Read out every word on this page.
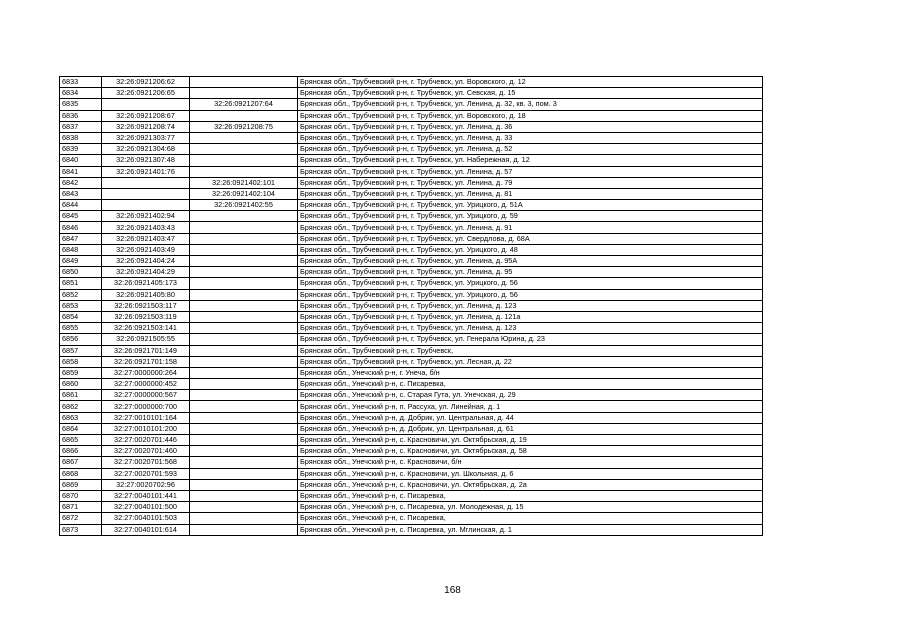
6833	32:26:0921206:62		Брянская обл., Трубчевский р-н, г. Трубчевск, ул. Воровского, д. 12
6834	32:26:0921206:65		Брянская обл., Трубчевский р-н, г. Трубчевск, ул. Севская, д. 15
6835		32:26:0921207:64	Брянская обл., Трубчевский р-н, г. Трубчевск, ул. Ленина, д. 32, кв. 3, пом. 3
6836	32:26:0921208:67		Брянская обл., Трубчевский р-н, г. Трубчевск, ул. Воровского, д. 18
6837	32:26:0921208:74	32:26:0921208:75	Брянская обл., Трубчевский р-н, г. Трубчевск, ул. Ленина, д. 36
6838	32:26:0921303:77		Брянская обл., Трубчевский р-н, г. Трубчевск, ул. Ленина, д. 33
6839	32:26:0921304:68		Брянская обл., Трубчевский р-н, г. Трубчевск, ул. Ленина, д. 52
6840	32:26:0921307:48		Брянская обл., Трубчевский р-н, г. Трубчевск, ул. Набережная, д. 12
6841	32:26:0921401:76		Брянская обл., Трубчевский р-н, г. Трубчевск, ул. Ленина, д. 57
6842		32:26:0921402:101	Брянская обл., Трубчевский р-н, г. Трубчевск, ул. Ленина, д. 79
6843		32:26:0921402:104	Брянская обл., Трубчевский р-н, г. Трубчевск, ул. Ленина, д. 81
6844		32:26:0921402:55	Брянская обл., Трубчевский р-н, г. Трубчевск, ул. Урицкого, д. 51А
6845	32:26:0921402:94		Брянская обл., Трубчевский р-н, г. Трубчевск, ул. Урицкого, д. 59
6846	32:26:0921403:43		Брянская обл., Трубчевский р-н, г. Трубчевск, ул. Ленина, д. 91
6847	32:26:0921403:47		Брянская обл., Трубчевский р-н, г. Трубчевск, ул. Свердлова, д. 68А
6848	32:26:0921403:49		Брянская обл., Трубчевский р-н, г. Трубчевск, ул. Урицкого, д. 48
6849	32:26:0921404:24		Брянская обл., Трубчевский р-н, г. Трубчевск, ул. Ленина, д. 95А
6850	32:26:0921404:29		Брянская обл., Трубчевский р-н, г. Трубчевск, ул. Ленина, д. 95
6851	32:26:0921405:173		Брянская обл., Трубчевский р-н, г. Трубчевск, ул. Урицкого, д. 56
6852	32:26:0921405:80		Брянская обл., Трубчевский р-н, г. Трубчевск, ул. Урицкого, д. 56
6853	32:26:0921503:117		Брянская обл., Трубчевский р-н, г. Трубчевск, ул. Ленина, д. 123
6854	32:26:0921503:119		Брянская обл., Трубчевский р-н, г. Трубчевск, ул. Ленина, д. 121а
6855	32:26:0921503:141		Брянская обл., Трубчевский р-н, г. Трубчевск, ул. Ленина, д. 123
6856	32:26:0921505:55		Брянская обл., Трубчевский р-н, г. Трубчевск, ул. Генерала Юрина, д. 23
6857	32:26:0921701:149		Брянская обл., Трубчевский р-н, г. Трубчевск,
6858	32:26:0921701:158		Брянская обл., Трубчевский р-н, г. Трубчевск, ул. Лесная, д. 22
6859	32:27:0000000:264		Брянская обл., Унечский р-н, г. Унеча, б/н
6860	32:27:0000000:452		Брянская обл., Унечский р-н, с. Писаревка,
6861	32:27:0000000:567		Брянская обл., Унечский р-н, с. Старая Гута, ул. Унечская, д. 29
6862	32:27:0000000:700		Брянская обл., Унечский р-н, п. Рассуха, ул. Линейная, д. 1
6863	32:27:0010101:164		Брянская обл., Унечский р-н, д. Добрик, ул. Центральная, д. 44
6864	32:27:0010101:200		Брянская обл., Унечский р-н, д. Добрик, ул. Центральная, д. 61
6865	32:27:0020701:446		Брянская обл., Унечский р-н, с. Красновичи, ул. Октябрьская, д. 19
6866	32:27:0020701:460		Брянская обл., Унечский р-н, с. Красновичи, ул. Октябрьская, д. 58
6867	32:27:0020701:568		Брянская обл., Унечский р-н, с. Красновичи, б/н
6868	32:27:0020701:593		Брянская обл., Унечский р-н, с. Красновичи, ул. Школьная, д. 6
6869	32:27:0020702:96		Брянская обл., Унечский р-н, с. Красновичи, ул. Октябрьская, д. 2а
6870	32:27:0040101:441		Брянская обл., Унечский р-н, с. Писаревка,
6871	32:27:0040101:500		Брянская обл., Унечский р-н, с. Писаревка, ул. Молодежная, д. 15
6872	32:27:0040101:503		Брянская обл., Унечский р-н, с. Писаревка,
6873	32:27:0040101:614		Брянская обл., Унечский р-н, с. Писаревка, ул. Мглинская, д. 1
168
